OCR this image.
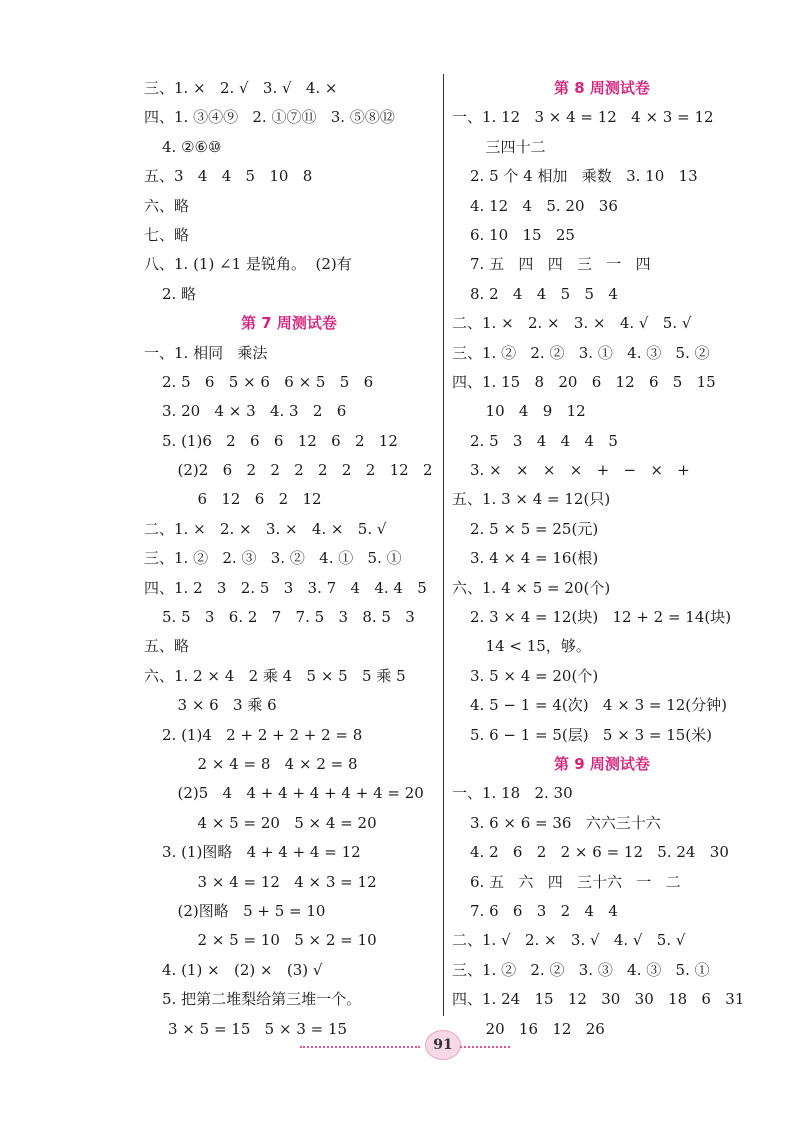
三、1. ×   2. √   3. √   4. ×
四、1. ③④⑨   2. ①⑦⑪   3. ⑤⑧⑫
4. ②⑥⑩
五、3   4   4   5   10   8
六、略
七、略
八、1. (1) ∠1 是锐角。  (2)有
2. 略
第 7 周测试卷
一、1. 相同   乘法
2. 5   6   5 × 6   6 × 5   5   6
3. 20   4 × 3   4. 3   2   6
5. (1)6   2   6   6   12   6   2   12
(2)2   6   2   2   2   2   2   2   12   2
6   12   6   2   12
二、1. ×   2. ×   3. ×   4. ×   5. √
三、1. ②   2. ③   3. ②   4. ①   5. ①
四、1. 2   3   2. 5   3   3. 7   4   4. 4   5
5. 5   3   6. 2   7   7. 5   3   8. 5   3
五、略
六、1. 2 × 4   2 乘 4   5 × 5   5 乘 5
3 × 6   3 乘 6
2. (1)4   2 + 2 + 2 + 2 = 8
2 × 4 = 8   4 × 2 = 8
(2)5   4   4 + 4 + 4 + 4 + 4 = 20
4 × 5 = 20   5 × 4 = 20
3. (1)图略   4 + 4 + 4 = 12
3 × 4 = 12   4 × 3 = 12
(2)图略   5 + 5 = 10
2 × 5 = 10   5 × 2 = 10
4. (1) ×   (2) ×   (3) √
5. 把第二堆梨给第三堆一个。
3 × 5 = 15   5 × 3 = 15
第 8 周测试卷
一、1. 12   3 × 4 = 12   4 × 3 = 12
三四十二
2. 5 个 4 相加   乘数   3. 10   13
4. 12   4   5. 20   36
6. 10   15   25
7. 五   四   四   三   一   四
8. 2   4   4   5   5   4
二、1. ×   2. ×   3. ×   4. √   5. √
三、1. ②   2. ②   3. ①   4. ③   5. ②
四、1. 15   8   20   6   12   6   5   15
10   4   9   12
2. 5   3   4   4   4   5
3. ×   ×   ×   ×   +   −   ×   +
五、1. 3 × 4 = 12(只)
2. 5 × 5 = 25(元)
3. 4 × 4 = 16(根)
六、1. 4 × 5 = 20(个)
2. 3 × 4 = 12(块)   12 + 2 = 14(块)
14 < 15，够。
3. 5 × 4 = 20(个)
4. 5 − 1 = 4(次)   4 × 3 = 12(分钟)
5. 6 − 1 = 5(层)   5 × 3 = 15(米)
第 9 周测试卷
一、1. 18   2. 30
3. 6 × 6 = 36   六六三十六
4. 2   6   2   2 × 6 = 12   5. 24   30
6. 五   六   四   三十六   一   二
7. 6   6   3   2   4   4
二、1. √   2. ×   3. √   4. √   5. √
三、1. ②   2. ②   3. ③   4. ③   5. ①
四、1. 24   15   12   30   30   18   6   31
20   16   12   26
91
